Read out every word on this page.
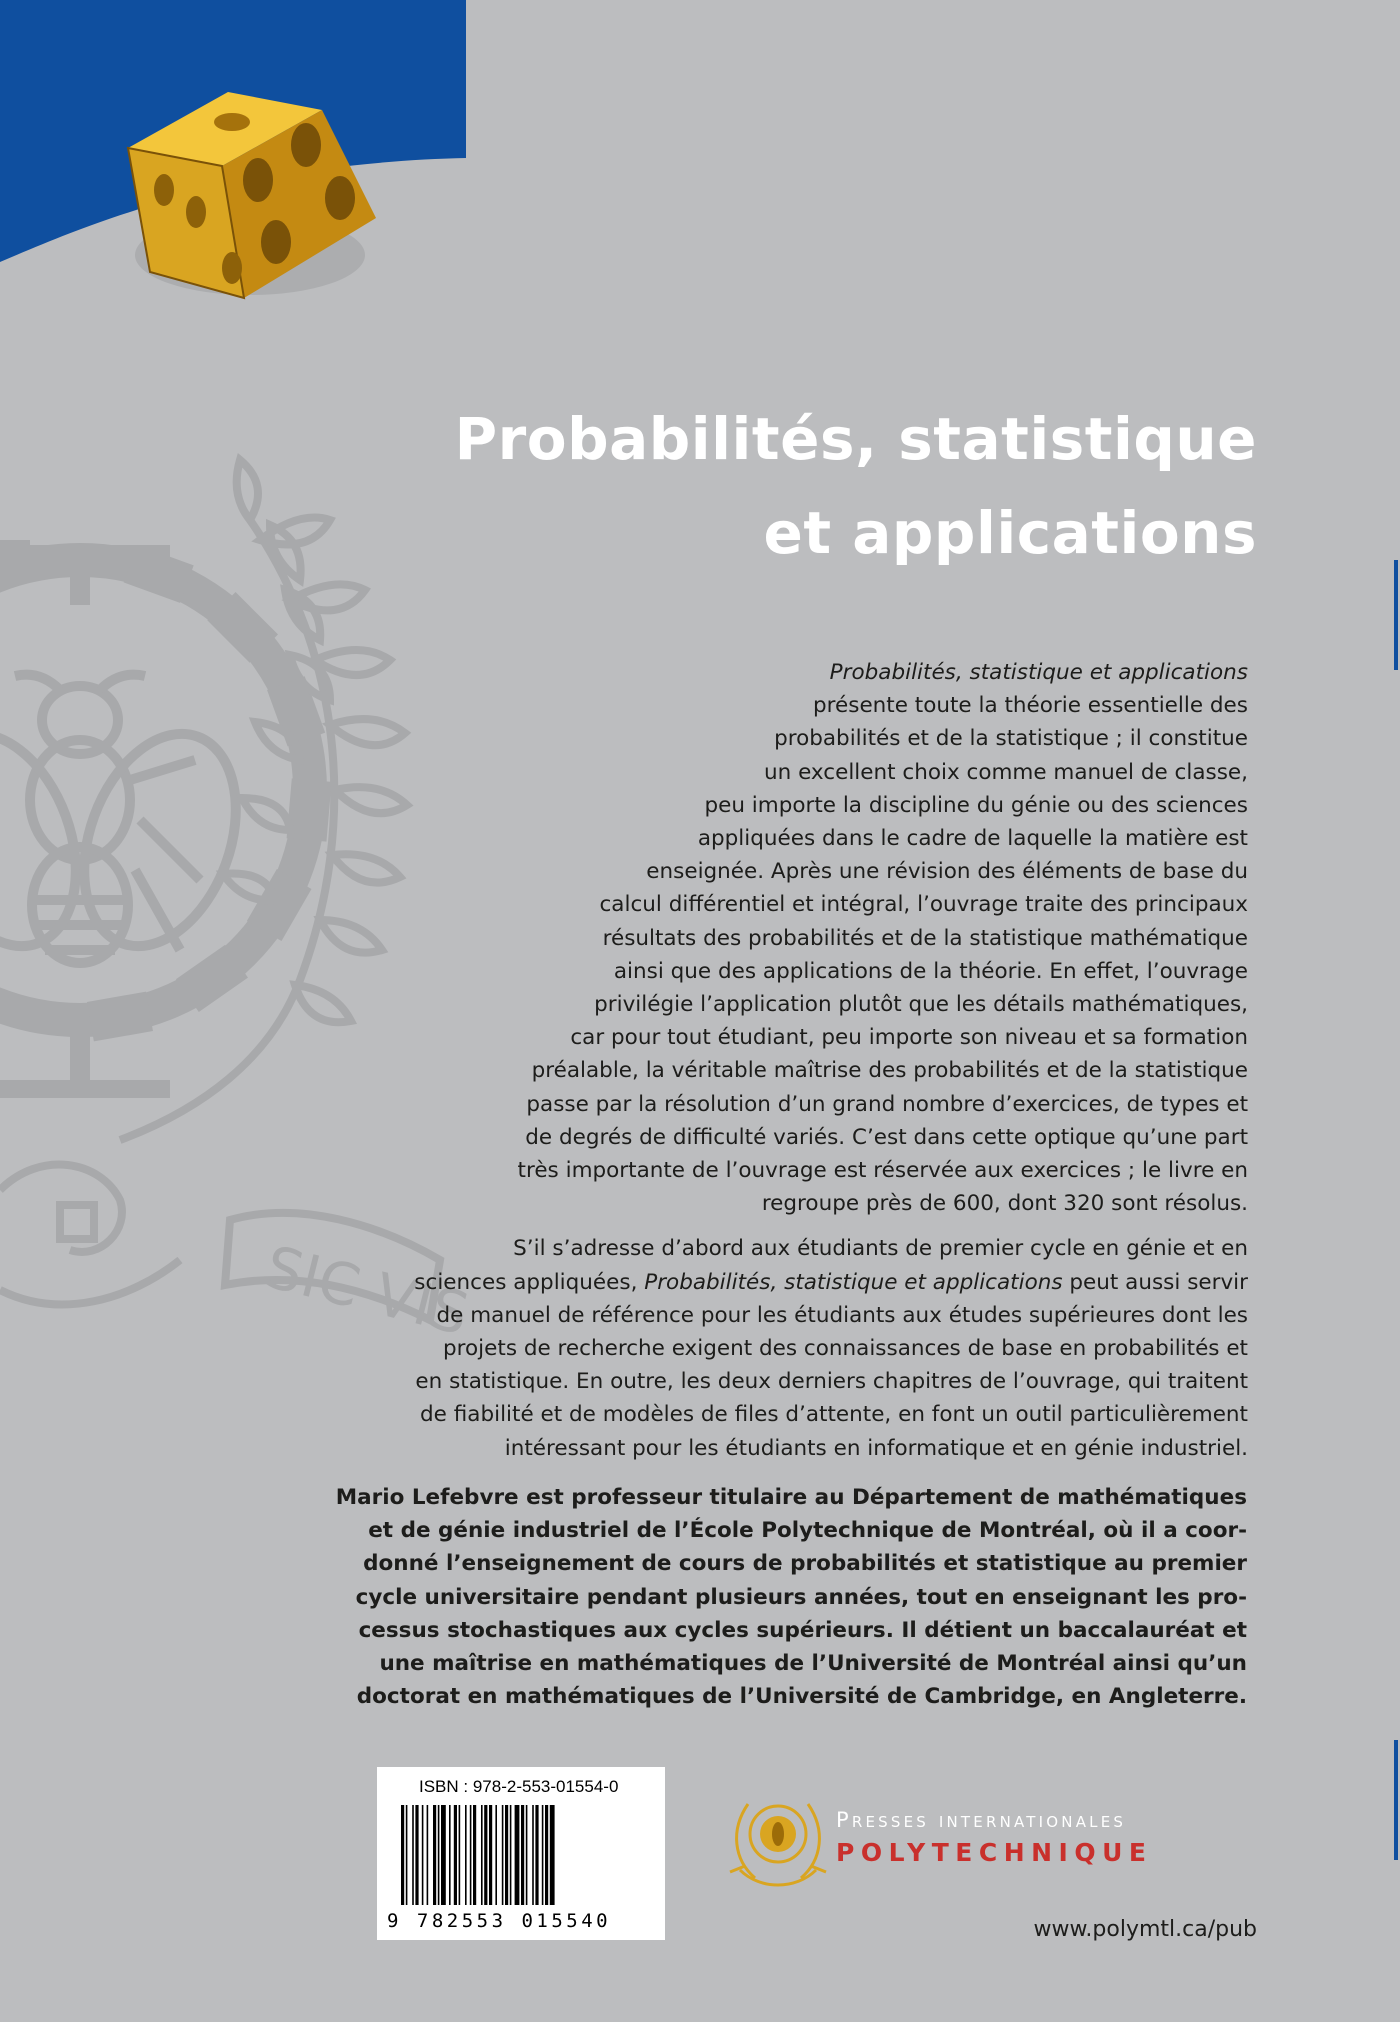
SIC VIS
Probabilités, statistique
et applications
Probabilités, statistique et applications
présente toute la théorie essentielle des
probabilités et de la statistique ; il constitue
un excellent choix comme manuel de classe,
peu importe la discipline du génie ou des sciences
appliquées dans le cadre de laquelle la matière est
enseignée. Après une révision des éléments de base du
calcul différentiel et intégral, l’ouvrage traite des principaux
résultats des probabilités et de la statistique mathématique
ainsi que des applications de la théorie. En effet, l’ouvrage
privilégie l’application plutôt que les détails mathématiques,
car pour tout étudiant, peu importe son niveau et sa formation
préalable, la véritable maîtrise des probabilités et de la statistique
passe par la résolution d’un grand nombre d’exercices, de types et
de degrés de difficulté variés. C’est dans cette optique qu’une part
très importante de l’ouvrage est réservée aux exercices ; le livre en
regroupe près de 600, dont 320 sont résolus.
S’il s’adresse d’abord aux étudiants de premier cycle en génie et en
sciences appliquées, Probabilités, statistique et applications peut aussi servir
de manuel de référence pour les étudiants aux études supérieures dont les
projets de recherche exigent des connaissances de base en probabilités et
en statistique. En outre, les deux derniers chapitres de l’ouvrage, qui traitent
de fiabilité et de modèles de files d’attente, en font un outil particulièrement
intéressant pour les étudiants en informatique et en génie industriel.
Mario Lefebvre est professeur titulaire au Département de mathématiques
et de génie industriel de l’École Polytechnique de Montréal, où il a coor-
donné l’enseignement de cours de probabilités et statistique au premier
cycle universitaire pendant plusieurs années, tout en enseignant les pro-
cessus stochastiques aux cycles supérieurs. Il détient un baccalauréat et
une maîtrise en mathématiques de l’Université de Montréal ainsi qu’un
doctorat en mathématiques de l’Université de Cambridge, en Angleterre.
ISBN : 978-2-553-01554-0
9 782553 015540
Presses internationales
POLYTECHNIQUE
www.polymtl.ca/pub
